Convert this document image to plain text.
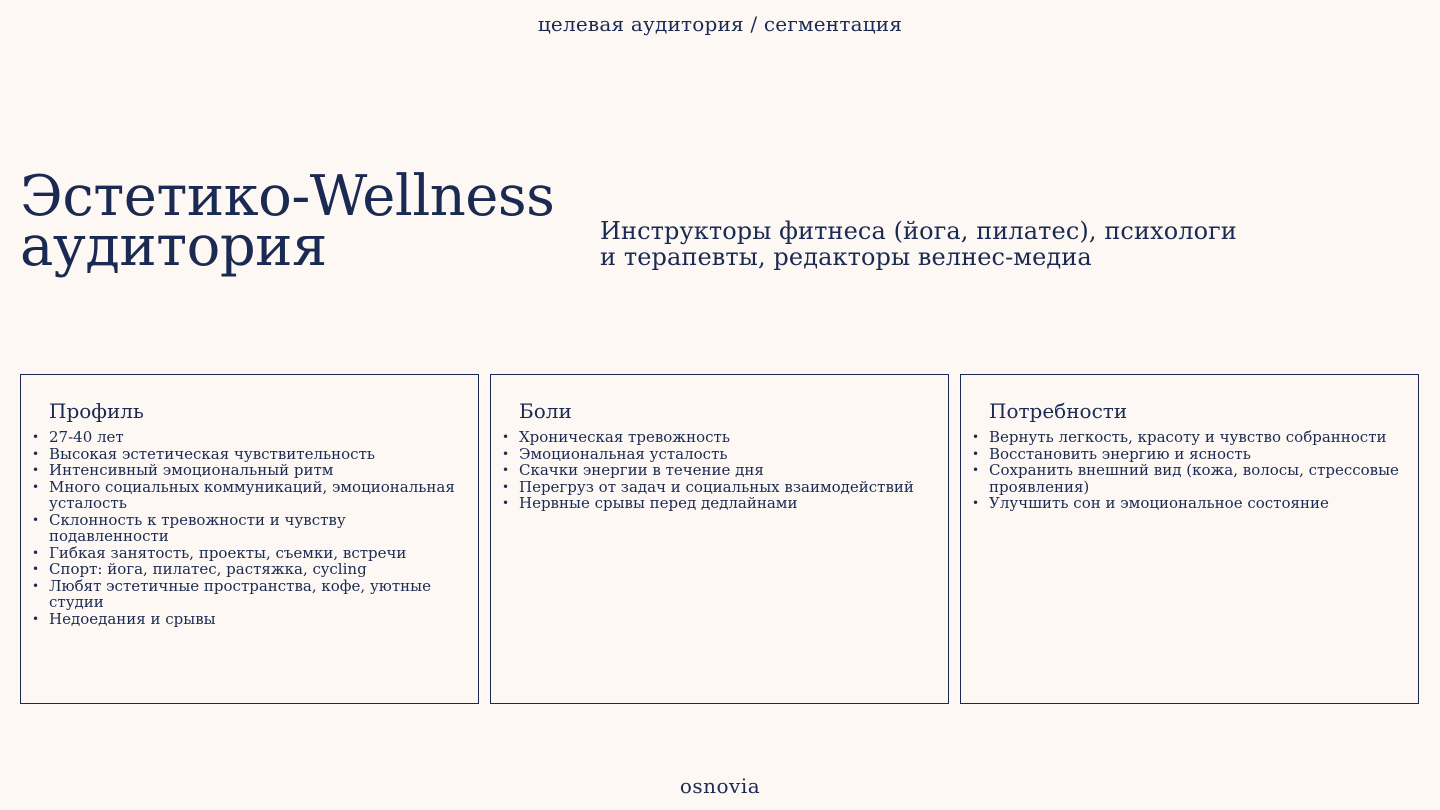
целевая аудитория / сегментация
Эстетико-Wellness
аудитория	Инструкторы фитнеса (йога, пилатес), психологи
и терапевты, редакторы велнес-медиа
Профиль
• 27-40 лет
• Высокая эстетическая чувствительность
• Интенсивный эмоциональный ритм
• Много социальных коммуникаций, эмоциональная усталость
• Склонность к тревожности и чувству подавленности
• Гибкая занятость, проекты, съемки, встречи
• Спорт: йога, пилатес, растяжка, cycling
• Любят эстетичные пространства, кофе, уютные студии
• Недоедания и срывы
Боли
• Хроническая тревожность
• Эмоциональная усталость
• Скачки энергии в течение дня
• Перегруз от задач и социальных взаимодействий
• Нервные срывы перед дедлайнами
Потребности
• Вернуть легкость, красоту и чувство собранности
• Восстановить энергию и ясность
• Сохранить внешний вид (кожа, волосы, стрессовые проявления)
• Улучшить сон и эмоциональное состояние
osnovia
